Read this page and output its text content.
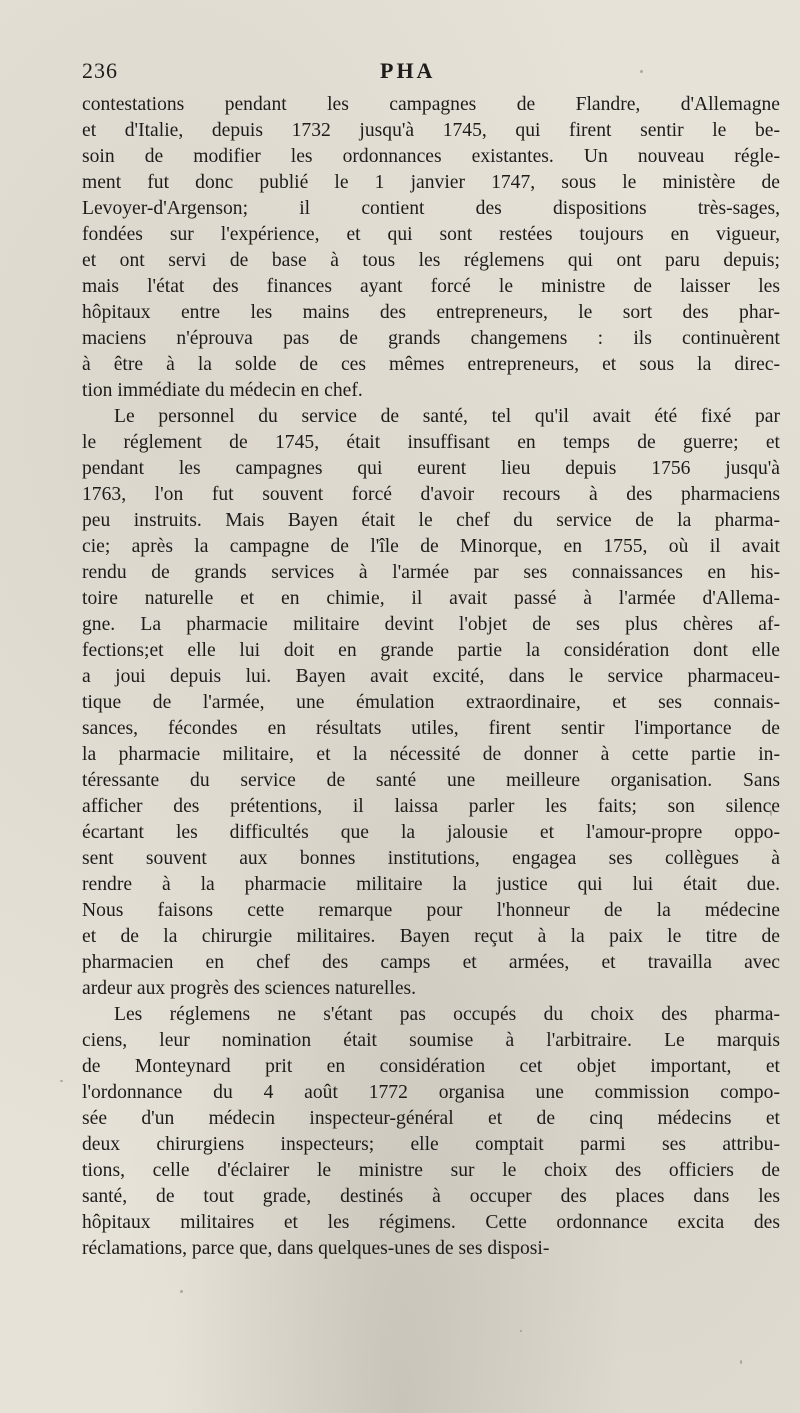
236	PHA
contestations pendant les campagnes de Flandre, d'Allemagne
et d'Italie, depuis 1732 jusqu'à 1745, qui firent sentir le be-
soin de modifier les ordonnances existantes. Un nouveau régle-
ment fut donc publié le 1 janvier 1747, sous le ministère de
Levoyer-d'Argenson; il contient des dispositions très-sages,
fondées sur l'expérience, et qui sont restées toujours en vigueur,
et ont servi de base à tous les réglemens qui ont paru depuis;
mais l'état des finances ayant forcé le ministre de laisser les
hôpitaux entre les mains des entrepreneurs, le sort des phar-
maciens n'éprouva pas de grands changemens : ils continuèrent
à être à la solde de ces mêmes entrepreneurs, et sous la direc-
tion immédiate du médecin en chef.
Le personnel du service de santé, tel qu'il avait été fixé par
le réglement de 1745, était insuffisant en temps de guerre; et
pendant les campagnes qui eurent lieu depuis 1756 jusqu'à
1763, l'on fut souvent forcé d'avoir recours à des pharmaciens
peu instruits. Mais Bayen était le chef du service de la pharma-
cie; après la campagne de l'île de Minorque, en 1755, où il avait
rendu de grands services à l'armée par ses connaissances en his-
toire naturelle et en chimie, il avait passé à l'armée d'Allema-
gne. La pharmacie militaire devint l'objet de ses plus chères af-
fections;et elle lui doit en grande partie la considération dont elle
a joui depuis lui. Bayen avait excité, dans le service pharmaceu-
tique de l'armée, une émulation extraordinaire, et ses connais-
sances, fécondes en résultats utiles, firent sentir l'importance de
la pharmacie militaire, et la nécessité de donner à cette partie in-
téressante du service de santé une meilleure organisation. Sans
afficher des prétentions, il laissa parler les faits; son silence
écartant les difficultés que la jalousie et l'amour-propre oppo-
sent souvent aux bonnes institutions, engagea ses collègues à
rendre à la pharmacie militaire la justice qui lui était due.
Nous faisons cette remarque pour l'honneur de la médecine
et de la chirurgie militaires. Bayen reçut à la paix le titre de
pharmacien en chef des camps et armées, et travailla avec
ardeur aux progrès des sciences naturelles.
Les réglemens ne s'étant pas occupés du choix des pharma-
ciens, leur nomination était soumise à l'arbitraire. Le marquis
de Monteynard prit en considération cet objet important, et
l'ordonnance du 4 août 1772 organisa une commission compo-
sée d'un médecin inspecteur-général et de cinq médecins et
deux chirurgiens inspecteurs; elle comptait parmi ses attribu-
tions, celle d'éclairer le ministre sur le choix des officiers de
santé, de tout grade, destinés à occuper des places dans les
hôpitaux militaires et les régimens. Cette ordonnance excita des
réclamations, parce que, dans quelques-unes de ses disposi-
